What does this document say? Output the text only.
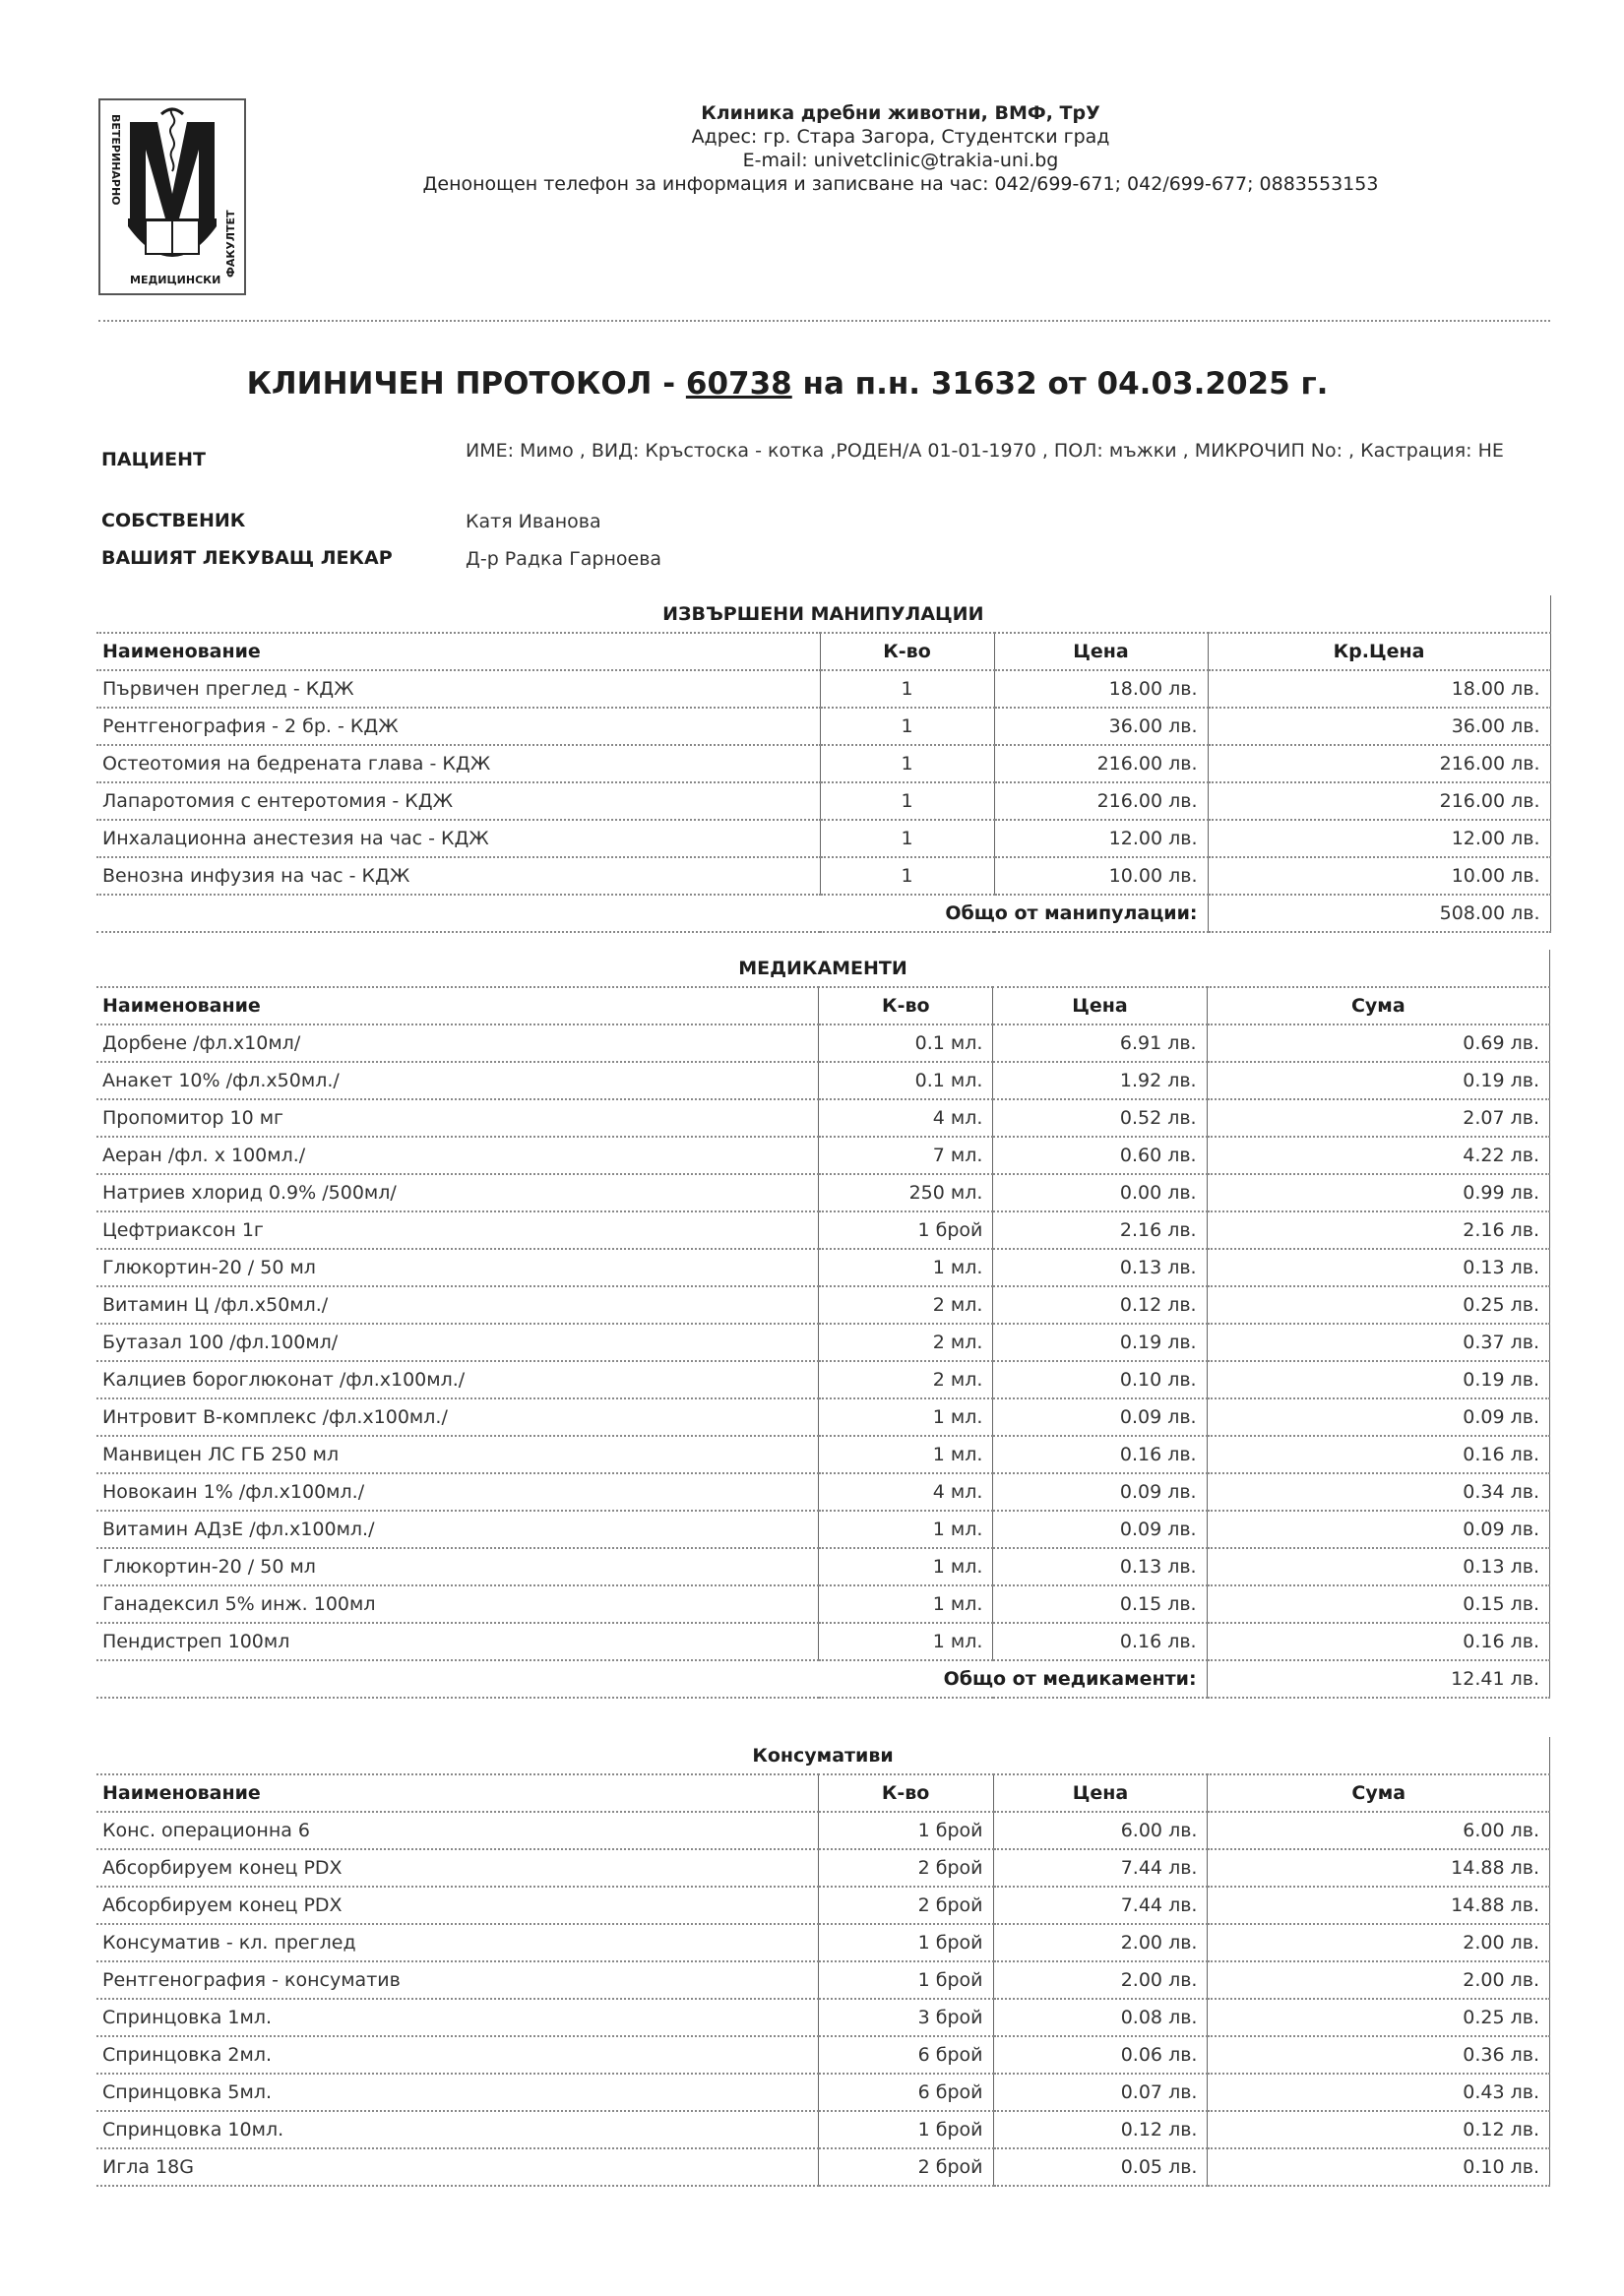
ВЕТЕРИНАРНО
ФАКУЛТЕТ
МЕДИЦИНСКИ
Клиника дребни животни, ВМФ, ТрУ
Адрес: гр. Стара Загора, Студентски град
E-mail: univetclinic@trakia-uni.bg
Денонощен телефон за информация и записване на час: 042/699-671; 042/699-677; 0883553153
КЛИНИЧЕН ПРОТОКОЛ - 60738 на п.н. 31632 от 04.03.2025 г.
ПАЦИЕНТ	ИМЕ: Мимо , ВИД: Кръстоска - котка ,РОДЕН/А 01-01-1970 , ПОЛ: мъжки , МИКРОЧИП No: , Кастрация: НЕ
СОБСТВЕНИК	Катя Иванова
ВАШИЯТ ЛЕКУВАЩ ЛЕКАР	Д-р Радка Гарноева
ИЗВЪРШЕНИ МАНИПУЛАЦИИ			
Наименование	К-во	Цена	Кр.Цена
Първичен преглед - КДЖ	1	18.00 лв.	18.00 лв.
Рентгенография - 2 бр. - КДЖ	1	36.00 лв.	36.00 лв.
Остеотомия на бедрената глава - КДЖ	1	216.00 лв.	216.00 лв.
Лапаротомия с ентеротомия - КДЖ	1	216.00 лв.	216.00 лв.
Инхалационна анестезия на час - КДЖ	1	12.00 лв.	12.00 лв.
Венозна инфузия на час - КДЖ	1	10.00 лв.	10.00 лв.
Общо от манипулации:			508.00 лв.
МЕДИКАМЕНТИ			
Наименование	К-во	Цена	Сума
Дорбене /фл.х10мл/	0.1 мл.	6.91 лв.	0.69 лв.
Анакет 10% /фл.х50мл./	0.1 мл.	1.92 лв.	0.19 лв.
Пропомитор 10 мг	4 мл.	0.52 лв.	2.07 лв.
Аеран /фл. х 100мл./	7 мл.	0.60 лв.	4.22 лв.
Натриев хлорид 0.9% /500мл/	250 мл.	0.00 лв.	0.99 лв.
Цефтриаксон 1г	1 брой	2.16 лв.	2.16 лв.
Глюкортин-20 / 50 мл	1 мл.	0.13 лв.	0.13 лв.
Витамин Ц /фл.х50мл./	2 мл.	0.12 лв.	0.25 лв.
Бутазал 100 /фл.100мл/	2 мл.	0.19 лв.	0.37 лв.
Калциев бороглюконат /фл.х100мл./	2 мл.	0.10 лв.	0.19 лв.
Интровит В-комплекс /фл.х100мл./	1 мл.	0.09 лв.	0.09 лв.
Манвицен ЛС ГБ 250 мл	1 мл.	0.16 лв.	0.16 лв.
Новокаин 1% /фл.х100мл./	4 мл.	0.09 лв.	0.34 лв.
Витамин АДзЕ /фл.х100мл./	1 мл.	0.09 лв.	0.09 лв.
Глюкортин-20 / 50 мл	1 мл.	0.13 лв.	0.13 лв.
Ганадексил 5% инж. 100мл	1 мл.	0.15 лв.	0.15 лв.
Пендистреп 100мл	1 мл.	0.16 лв.	0.16 лв.
Общо от медикаменти:			12.41 лв.
Консумативи			
Наименование	К-во	Цена	Сума
Конс. операционна 6	1 брой	6.00 лв.	6.00 лв.
Абсорбируем конец PDX	2 брой	7.44 лв.	14.88 лв.
Абсорбируем конец PDX	2 брой	7.44 лв.	14.88 лв.
Консуматив - кл. преглед	1 брой	2.00 лв.	2.00 лв.
Рентгенография - консуматив	1 брой	2.00 лв.	2.00 лв.
Спринцовка 1мл.	3 брой	0.08 лв.	0.25 лв.
Спринцовка 2мл.	6 брой	0.06 лв.	0.36 лв.
Спринцовка 5мл.	6 брой	0.07 лв.	0.43 лв.
Спринцовка 10мл.	1 брой	0.12 лв.	0.12 лв.
Игла 18G	2 брой	0.05 лв.	0.10 лв.
